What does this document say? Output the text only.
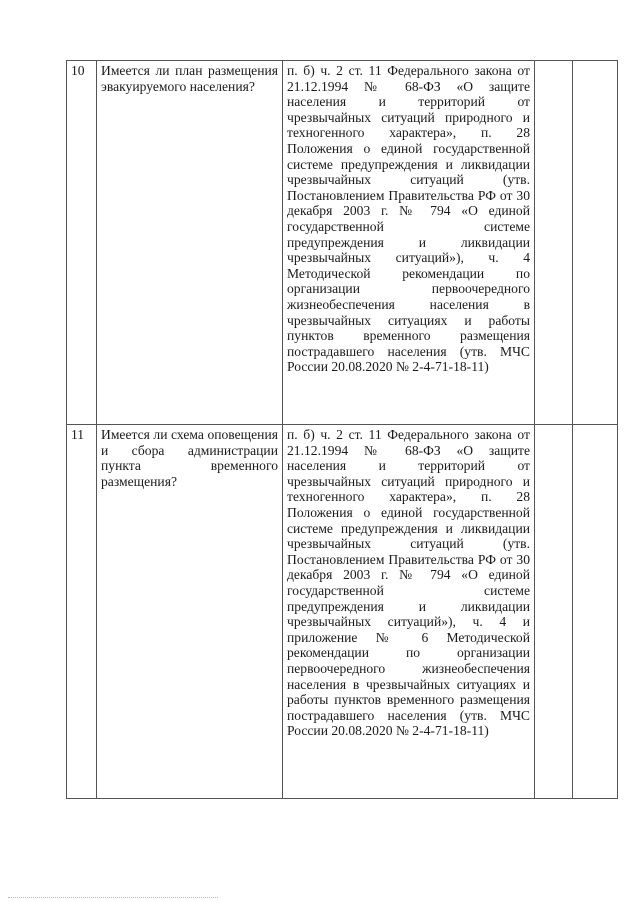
10	Имеется ли план размещения эвакуируемого населения?	п. б) ч. 2 ст. 11 Федерального закона от 21.12.1994 № 68-ФЗ «О защите населения и территорий от чрезвычайных ситуаций природного и техногенного характера», п. 28 Положения о единой государственной системе предупреждения и ликвидации чрезвычайных ситуаций (утв. Постановлением Правительства РФ от 30 декабря 2003 г. № 794 «О единой государственной системе предупреждения и ликвидации чрезвычайных ситуаций»), ч. 4 Методической рекомендации по организации первоочередного жизнеобеспечения населения в чрезвычайных ситуациях и работы пунктов временного размещения пострадавшего населения (утв. МЧС России 20.08.2020 № 2-4-71-18-11)		
11	Имеется ли схема оповещения и сбора администрации пункта временного размещения?	п. б) ч. 2 ст. 11 Федерального закона от 21.12.1994 № 68-ФЗ «О защите населения и территорий от чрезвычайных ситуаций природного и техногенного характера», п. 28 Положения о единой государственной системе предупреждения и ликвидации чрезвычайных ситуаций (утв. Постановлением Правительства РФ от 30 декабря 2003 г. № 794 «О единой государственной системе предупреждения и ликвидации чрезвычайных ситуаций»), ч. 4 и приложение № 6 Методической рекомендации по организации первоочередного жизнеобеспечения населения в чрезвычайных ситуациях и работы пунктов временного размещения пострадавшего населения (утв. МЧС России 20.08.2020 № 2-4-71-18-11)		
